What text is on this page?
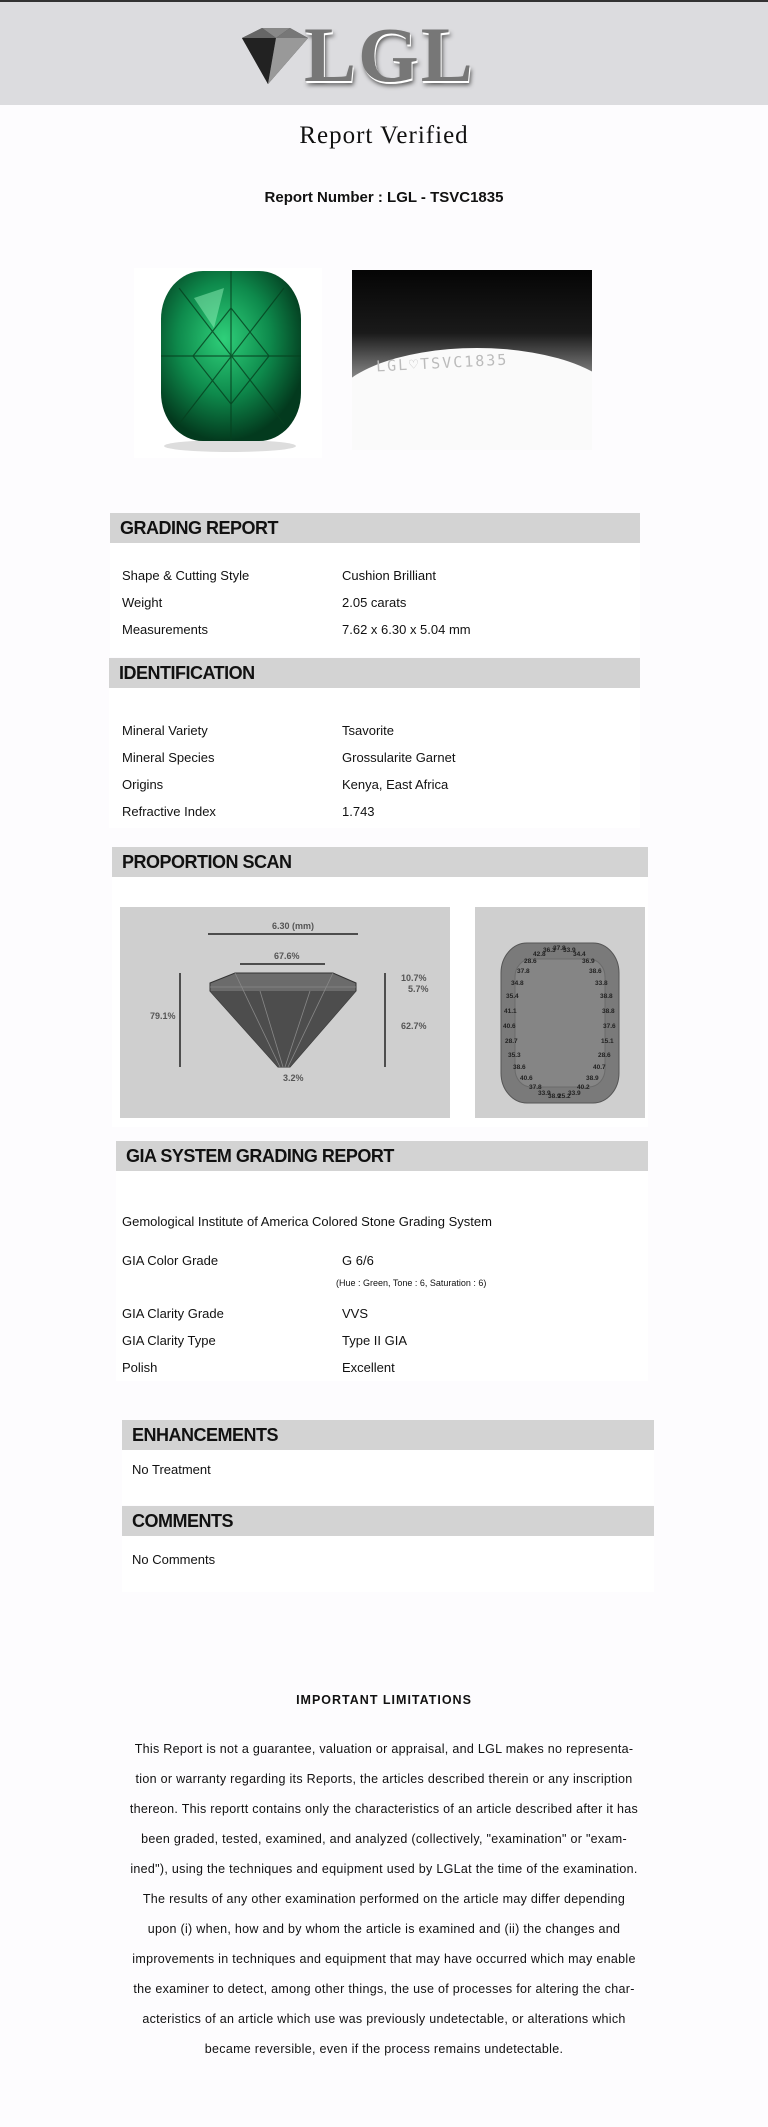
LGL
Report Verified
Report Number : LGL - TSVC1835
LGL♡TSVC1835
GRADING REPORT
Shape & Cutting Style	Cushion Brilliant
Weight	2.05 carats
Measurements	7.62 x 6.30 x 5.04 mm
IDENTIFICATION
Mineral Variety	Tsavorite
Mineral Species	Grossularite Garnet
Origins	Kenya, East Africa
Refractive Index	1.743
PROPORTION SCAN
6.30 (mm)
67.6%
79.1%
10.7%
5.7%
62.7%
3.2%
37.8
33.9
34.4
36.9
38.6
33.8
38.8
38.8
37.6
15.1
28.6
40.7
38.9
40.2
33.9
25.2
38.9
33.9
37.8
40.6
38.6
35.3
28.7
40.6
41.1
35.4
34.8
37.8
28.6
42.8
36.3
GIA SYSTEM GRADING REPORT
Gemological Institute of America Colored Stone Grading System
GIA Color Grade	G 6/6
(Hue : Green, Tone : 6, Saturation : 6)
GIA Clarity Grade	VVS
GIA Clarity Type	Type II GIA
Polish	Excellent
ENHANCEMENTS
No Treatment
COMMENTS
No Comments
IMPORTANT LIMITATIONS
This Report is not a guarantee, valuation or appraisal, and LGL makes no representa-
tion or warranty regarding its Reports, the articles described therein or any inscription
thereon. This reportt contains only the characteristics of an article described after it has
been graded, tested, examined, and analyzed (collectively, "examination" or "exam-
ined"), using the techniques and equipment used by LGLat the time of the examination.
The results of any other examination performed on the article may differ depending
upon (i) when, how and by whom the article is examined and (ii) the changes and
improvements in techniques and equipment that may have occurred which may enable
the examiner to detect, among other things, the use of processes for altering the char-
acteristics of an article which use was previously undetectable, or alterations which
became reversible, even if the process remains undetectable.
